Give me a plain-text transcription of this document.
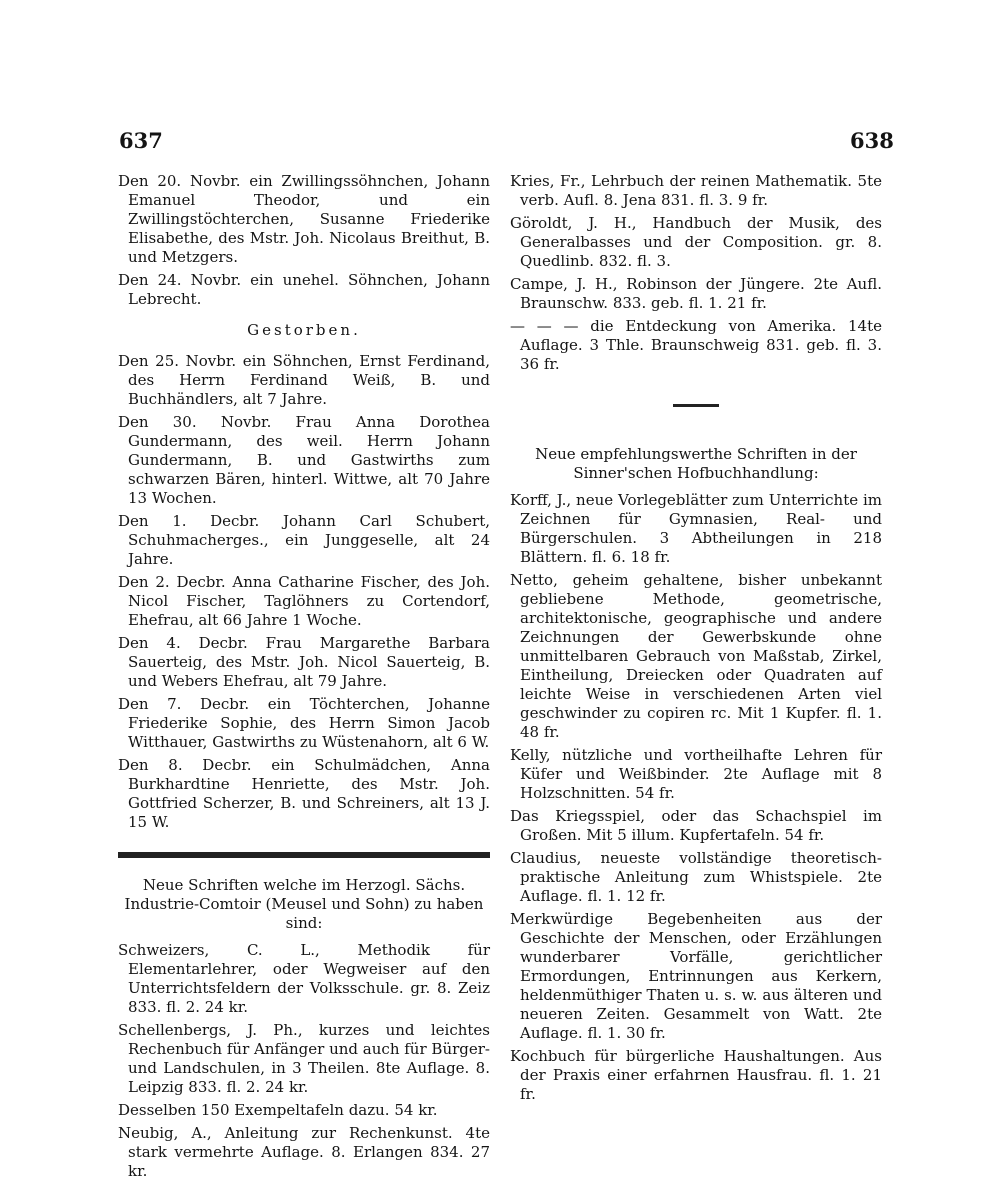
637	638

Den 20. Novbr. ein Zwillingssöhnchen, Johann Emanuel Theodor, und ein Zwillingstöchterchen, Susanne Friederike Elisabethe, des Mstr. Joh. Nicolaus Breithut, B. und Metzgers.

Den 24. Novbr. ein unehel. Söhnchen, Johann Lebrecht.

Gestorben.

Den 25. Novbr. ein Söhnchen, Ernst Ferdinand, des Herrn Ferdinand Weiß, B. und Buchhändlers, alt 7 Jahre.

Den 30. Novbr. Frau Anna Dorothea Gundermann, des weil. Herrn Johann Gundermann, B. und Gastwirths zum schwarzen Bären, hinterl. Wittwe, alt 70 Jahre 13 Wochen.

Den 1. Decbr. Johann Carl Schubert, Schuhmacherges., ein Junggeselle, alt 24 Jahre.

Den 2. Decbr. Anna Catharine Fischer, des Joh. Nicol Fischer, Taglöhners zu Cortendorf, Ehefrau, alt 66 Jahre 1 Woche.

Den 4. Decbr. Frau Margarethe Barbara Sauerteig, des Mstr. Joh. Nicol Sauerteig, B. und Webers Ehefrau, alt 79 Jahre.

Den 7. Decbr. ein Töchterchen, Johanne Friederike Sophie, des Herrn Simon Jacob Witthauer, Gastwirths zu Wüstenahorn, alt 6 W.

Den 8. Decbr. ein Schulmädchen, Anna Burkhardtine Henriette, des Mstr. Joh. Gottfried Scherzer, B. und Schreiners, alt 13 J. 15 W.

Neue Schriften welche im Herzogl. Sächs. Industrie-Comtoir (Meusel und Sohn) zu haben sind:

Schweizers, C. L., Methodik für Elementarlehrer, oder Wegweiser auf den Unterrichtsfeldern der Volksschule. gr. 8. Zeiz 833. fl. 2. 24 kr.

Schellenbergs, J. Ph., kurzes und leichtes Rechenbuch für Anfänger und auch für Bürger- und Landschulen, in 3 Theilen. 8te Auflage. 8. Leipzig 833. fl. 2. 24 kr.

Desselben 150 Exempeltafeln dazu. 54 kr.

Neubig, A., Anleitung zur Rechenkunst. 4te stark vermehrte Auflage. 8. Erlangen 834. 27 kr.

Kries, Fr., Lehrbuch der reinen Mathematik. 5te verb. Aufl. 8. Jena 831. fl. 3. 9 fr.

Göroldt, J. H., Handbuch der Musik, des Generalbasses und der Composition. gr. 8. Quedlinb. 832. fl. 3.

Campe, J. H., Robinson der Jüngere. 2te Aufl. Braunschw. 833. geb. fl. 1. 21 fr.

— — — die Entdeckung von Amerika. 14te Auflage. 3 Thle. Braunschweig 831. geb. fl. 3. 36 fr.

Neue empfehlungswerthe Schriften in der Sinner'schen Hofbuchhandlung:

Korff, J., neue Vorlegeblätter zum Unterrichte im Zeichnen für Gymnasien, Real- und Bürgerschulen. 3 Abtheilungen in 218 Blättern. fl. 6. 18 fr.

Netto, geheim gehaltene, bisher unbekannt gebliebene Methode, geometrische, architektonische, geographische und andere Zeichnungen der Gewerbskunde ohne unmittelbaren Gebrauch von Maßstab, Zirkel, Eintheilung, Dreiecken oder Quadraten auf leichte Weise in verschiedenen Arten viel geschwinder zu copiren rc. Mit 1 Kupfer. fl. 1. 48 fr.

Kelly, nützliche und vortheilhafte Lehren für Küfer und Weißbinder. 2te Auflage mit 8 Holzschnitten. 54 fr.

Das Kriegsspiel, oder das Schachspiel im Großen. Mit 5 illum. Kupfertafeln. 54 fr.

Claudius, neueste vollständige theoretisch-praktische Anleitung zum Whistspiele. 2te Auflage. fl. 1. 12 fr.

Merkwürdige Begebenheiten aus der Geschichte der Menschen, oder Erzählungen wunderbarer Vorfälle, gerichtlicher Ermordungen, Entrinnungen aus Kerkern, heldenmüthiger Thaten u. s. w. aus älteren und neueren Zeiten. Gesammelt von Watt. 2te Auflage. fl. 1. 30 fr.

Kochbuch für bürgerliche Haushaltungen. Aus der Praxis einer erfahrnen Hausfrau. fl. 1. 21 fr.
